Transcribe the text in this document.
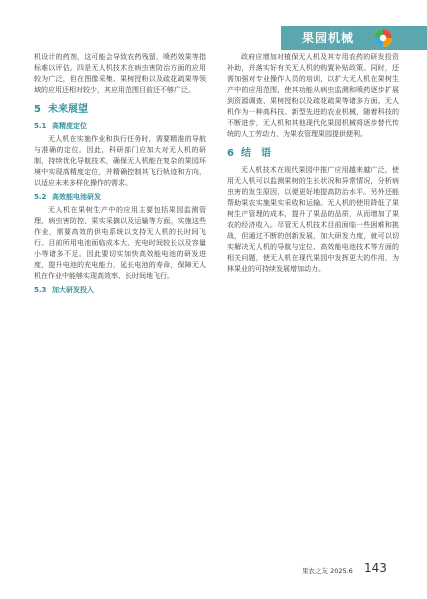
果园机械

机设计的药剂，这可能会导致农药残留，喷药效果等指标难以评估。四是无人机技术在病虫害防治方面的应用较为广泛，但在图像采集、果树授粉以及疏花疏果等领域的应用还相对较少，其应用范围目前还不够广泛。

5 未来展望
5.1 高精度定位

无人机在实施作业和执行任务时，需要精准的导航与准确的定位。因此，科研部门应加大对无人机的研制，持续优化导航技术，确保无人机能在复杂的果园环境中实现高精度定位，并精确控制其飞行轨迹和方向，以适应未来多样化操作的需求。

5.2 高效能电池研发

无人机在果树生产中的应用主要包括果园监测管理、病虫害防控、果实采摘以及运输等方面。实施这些作业，需要高效的供电系统以支持无人机的长时间飞行。目前所用电池面临成本大、充电时间较长以及容量小等诸多不足。因此要切实加快高效能电池的研发进度，提升电池的充电能力，延长电池的寿命，保障无人机在作业中能够实现高效率、长时间地飞行。

5.3 加大研发投入

政府应增加对植保无人机及其专用农药的研发投资补助，并落实好有关无人机的购置补贴政策。同时，还需加强对专业操作人员的培训，以扩大无人机在果树生产中的应用范围，使其功能从病虫监测和喷药逐步扩展到资源调查、果树授粉以及疏花疏果等诸多方面。无人机作为一种高科技、新型先进的农业机械，随着科技的不断进步，无人机和其他现代化果园机械将逐步替代传统的人工劳动力，为果农管理果园提供便利。

6 结　语

无人机技术在现代果园中推广应用越来越广泛，使用无人机可以监测果树的生长状况和异常情况，分析病虫害的发生原因，以便更好地提高防治水平。另外还能帮助果农实施果实采收和运输。无人机的使用降低了果树生产管理的成本，提升了果品的品质，从而增加了果农的经济收入。尽管无人机技术目前面临一些困难和挑战，但通过不断的创新发展，加大研发力度，就可以切实解决无人机的导航与定位、高效能电池技术等方面的相关问题，使无人机在现代果园中发挥更大的作用，为林果业的可持续发展增加动力。

果农之友 2025.6 143
